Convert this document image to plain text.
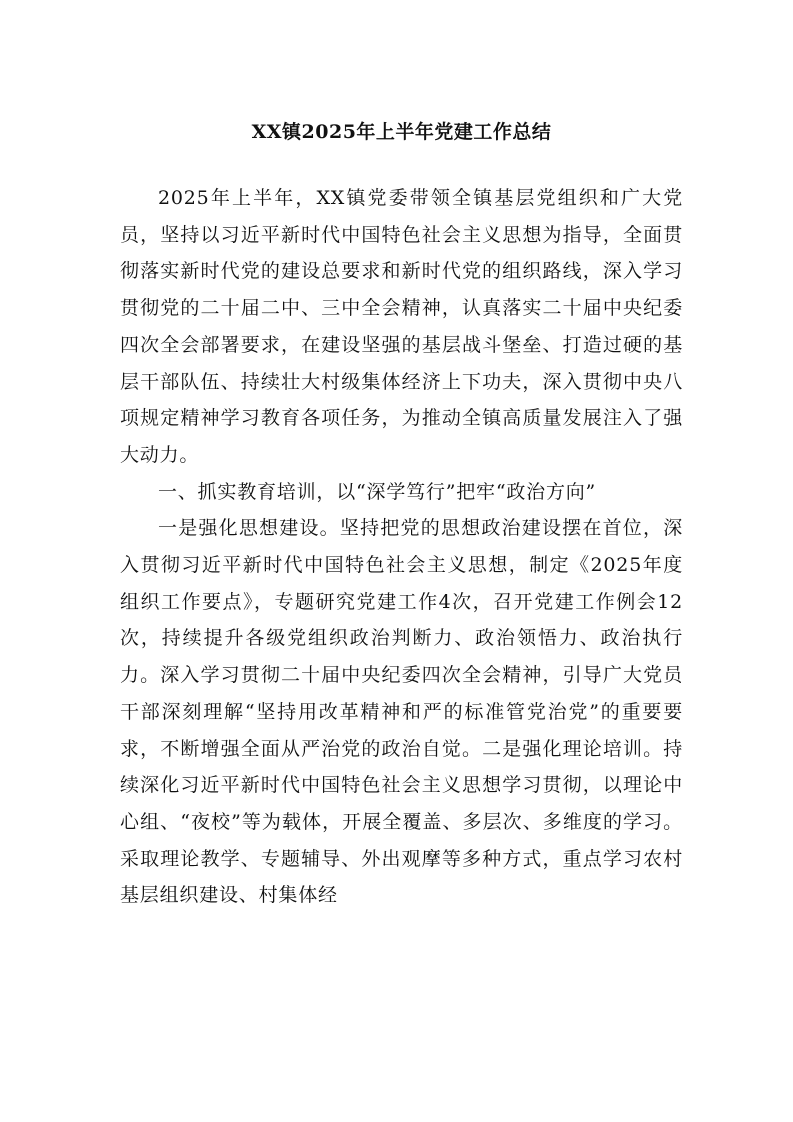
XX镇2025年上半年党建工作总结

2025年上半年，XX镇党委带领全镇基层党组织和广大党员，坚持以习近平新时代中国特色社会主义思想为指导，全面贯彻落实新时代党的建设总要求和新时代党的组织路线，深入学习贯彻党的二十届二中、三中全会精神，认真落实二十届中央纪委四次全会部署要求，在建设坚强的基层战斗堡垒、打造过硬的基层干部队伍、持续壮大村级集体经济上下功夫，深入贯彻中央八项规定精神学习教育各项任务，为推动全镇高质量发展注入了强大动力。

一、抓实教育培训，以“深学笃行”把牢“政治方向”

一是强化思想建设。坚持把党的思想政治建设摆在首位，深入贯彻习近平新时代中国特色社会主义思想，制定《2025年度组织工作要点》，专题研究党建工作4次，召开党建工作例会12次，持续提升各级党组织政治判断力、政治领悟力、政治执行力。深入学习贯彻二十届中央纪委四次全会精神，引导广大党员干部深刻理解“坚持用改革精神和严的标准管党治党”的重要要求，不断增强全面从严治党的政治自觉。二是强化理论培训。持续深化习近平新时代中国特色社会主义思想学习贯彻，以理论中心组、“夜校”等为载体，开展全覆盖、多层次、多维度的学习。采取理论教学、专题辅导、外出观摩等多种方式，重点学习农村基层组织建设、村集体经
